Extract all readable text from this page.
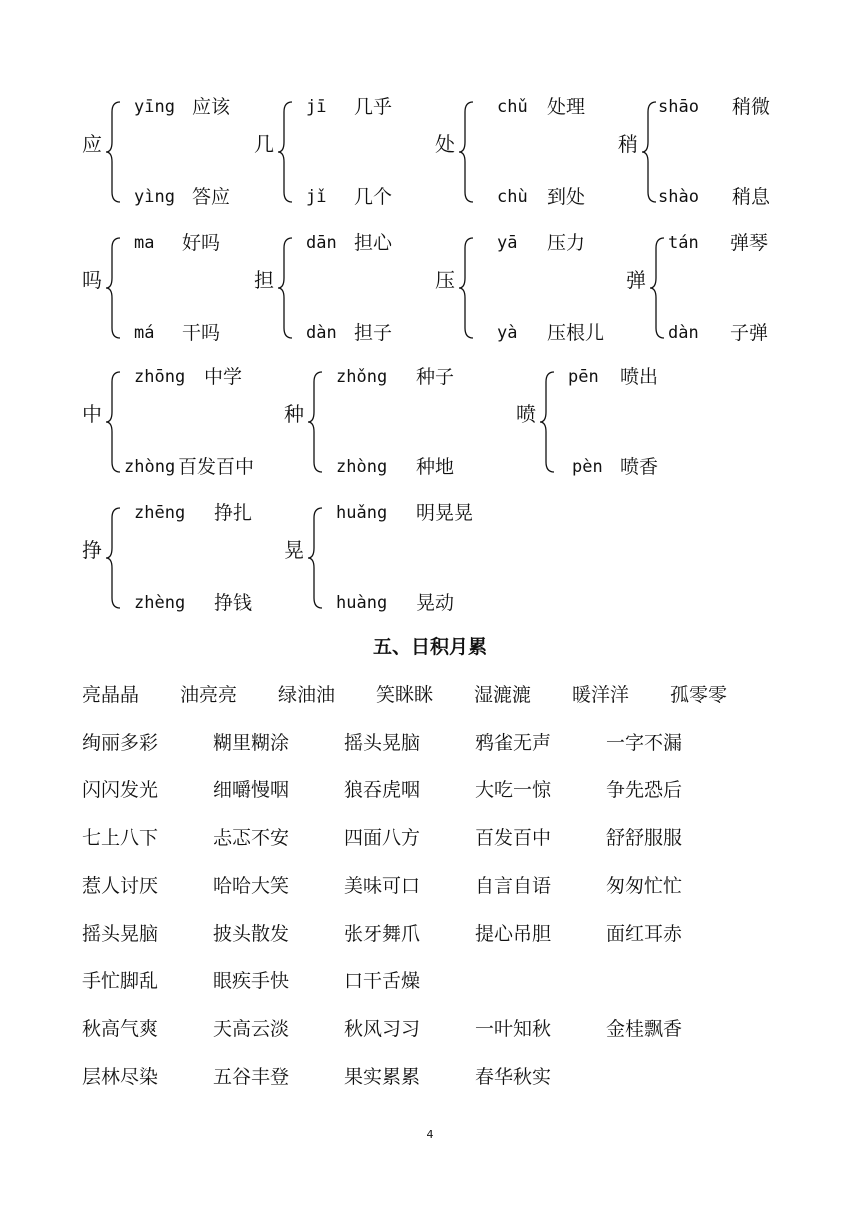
应
yīng 应该
yìng 答应
几
jī 几乎
jǐ 几个
处
chǔ 处理
chù 到处
稍
shāo 稍微
shào 稍息
吗
ma 好吗
má 干吗
担
dān 担心
dàn 担子
压
yā 压力
yà 压根儿
弹
tán 弹琴
dàn 子弹
中
zhōng 中学
zhòng 百发百中
种
zhǒng 种子
zhòng 种地
喷
pēn 喷出
pèn 喷香
挣
zhēng 挣扎
zhèng 挣钱
晃
huǎng 明晃晃
huàng 晃动
五、日积月累
亮晶晶 油亮亮 绿油油 笑眯眯 湿漉漉 暖洋洋 孤零零
绚丽多彩	糊里糊涂	摇头晃脑	鸦雀无声	一字不漏
闪闪发光	细嚼慢咽	狼吞虎咽	大吃一惊	争先恐后
七上八下	忐忑不安	四面八方	百发百中	舒舒服服
惹人讨厌	哈哈大笑	美味可口	自言自语	匆匆忙忙
摇头晃脑	披头散发	张牙舞爪	提心吊胆	面红耳赤
手忙脚乱	眼疾手快	口干舌燥
秋高气爽	天高云淡	秋风习习	一叶知秋	金桂飘香
层林尽染	五谷丰登	果实累累	春华秋实
4
